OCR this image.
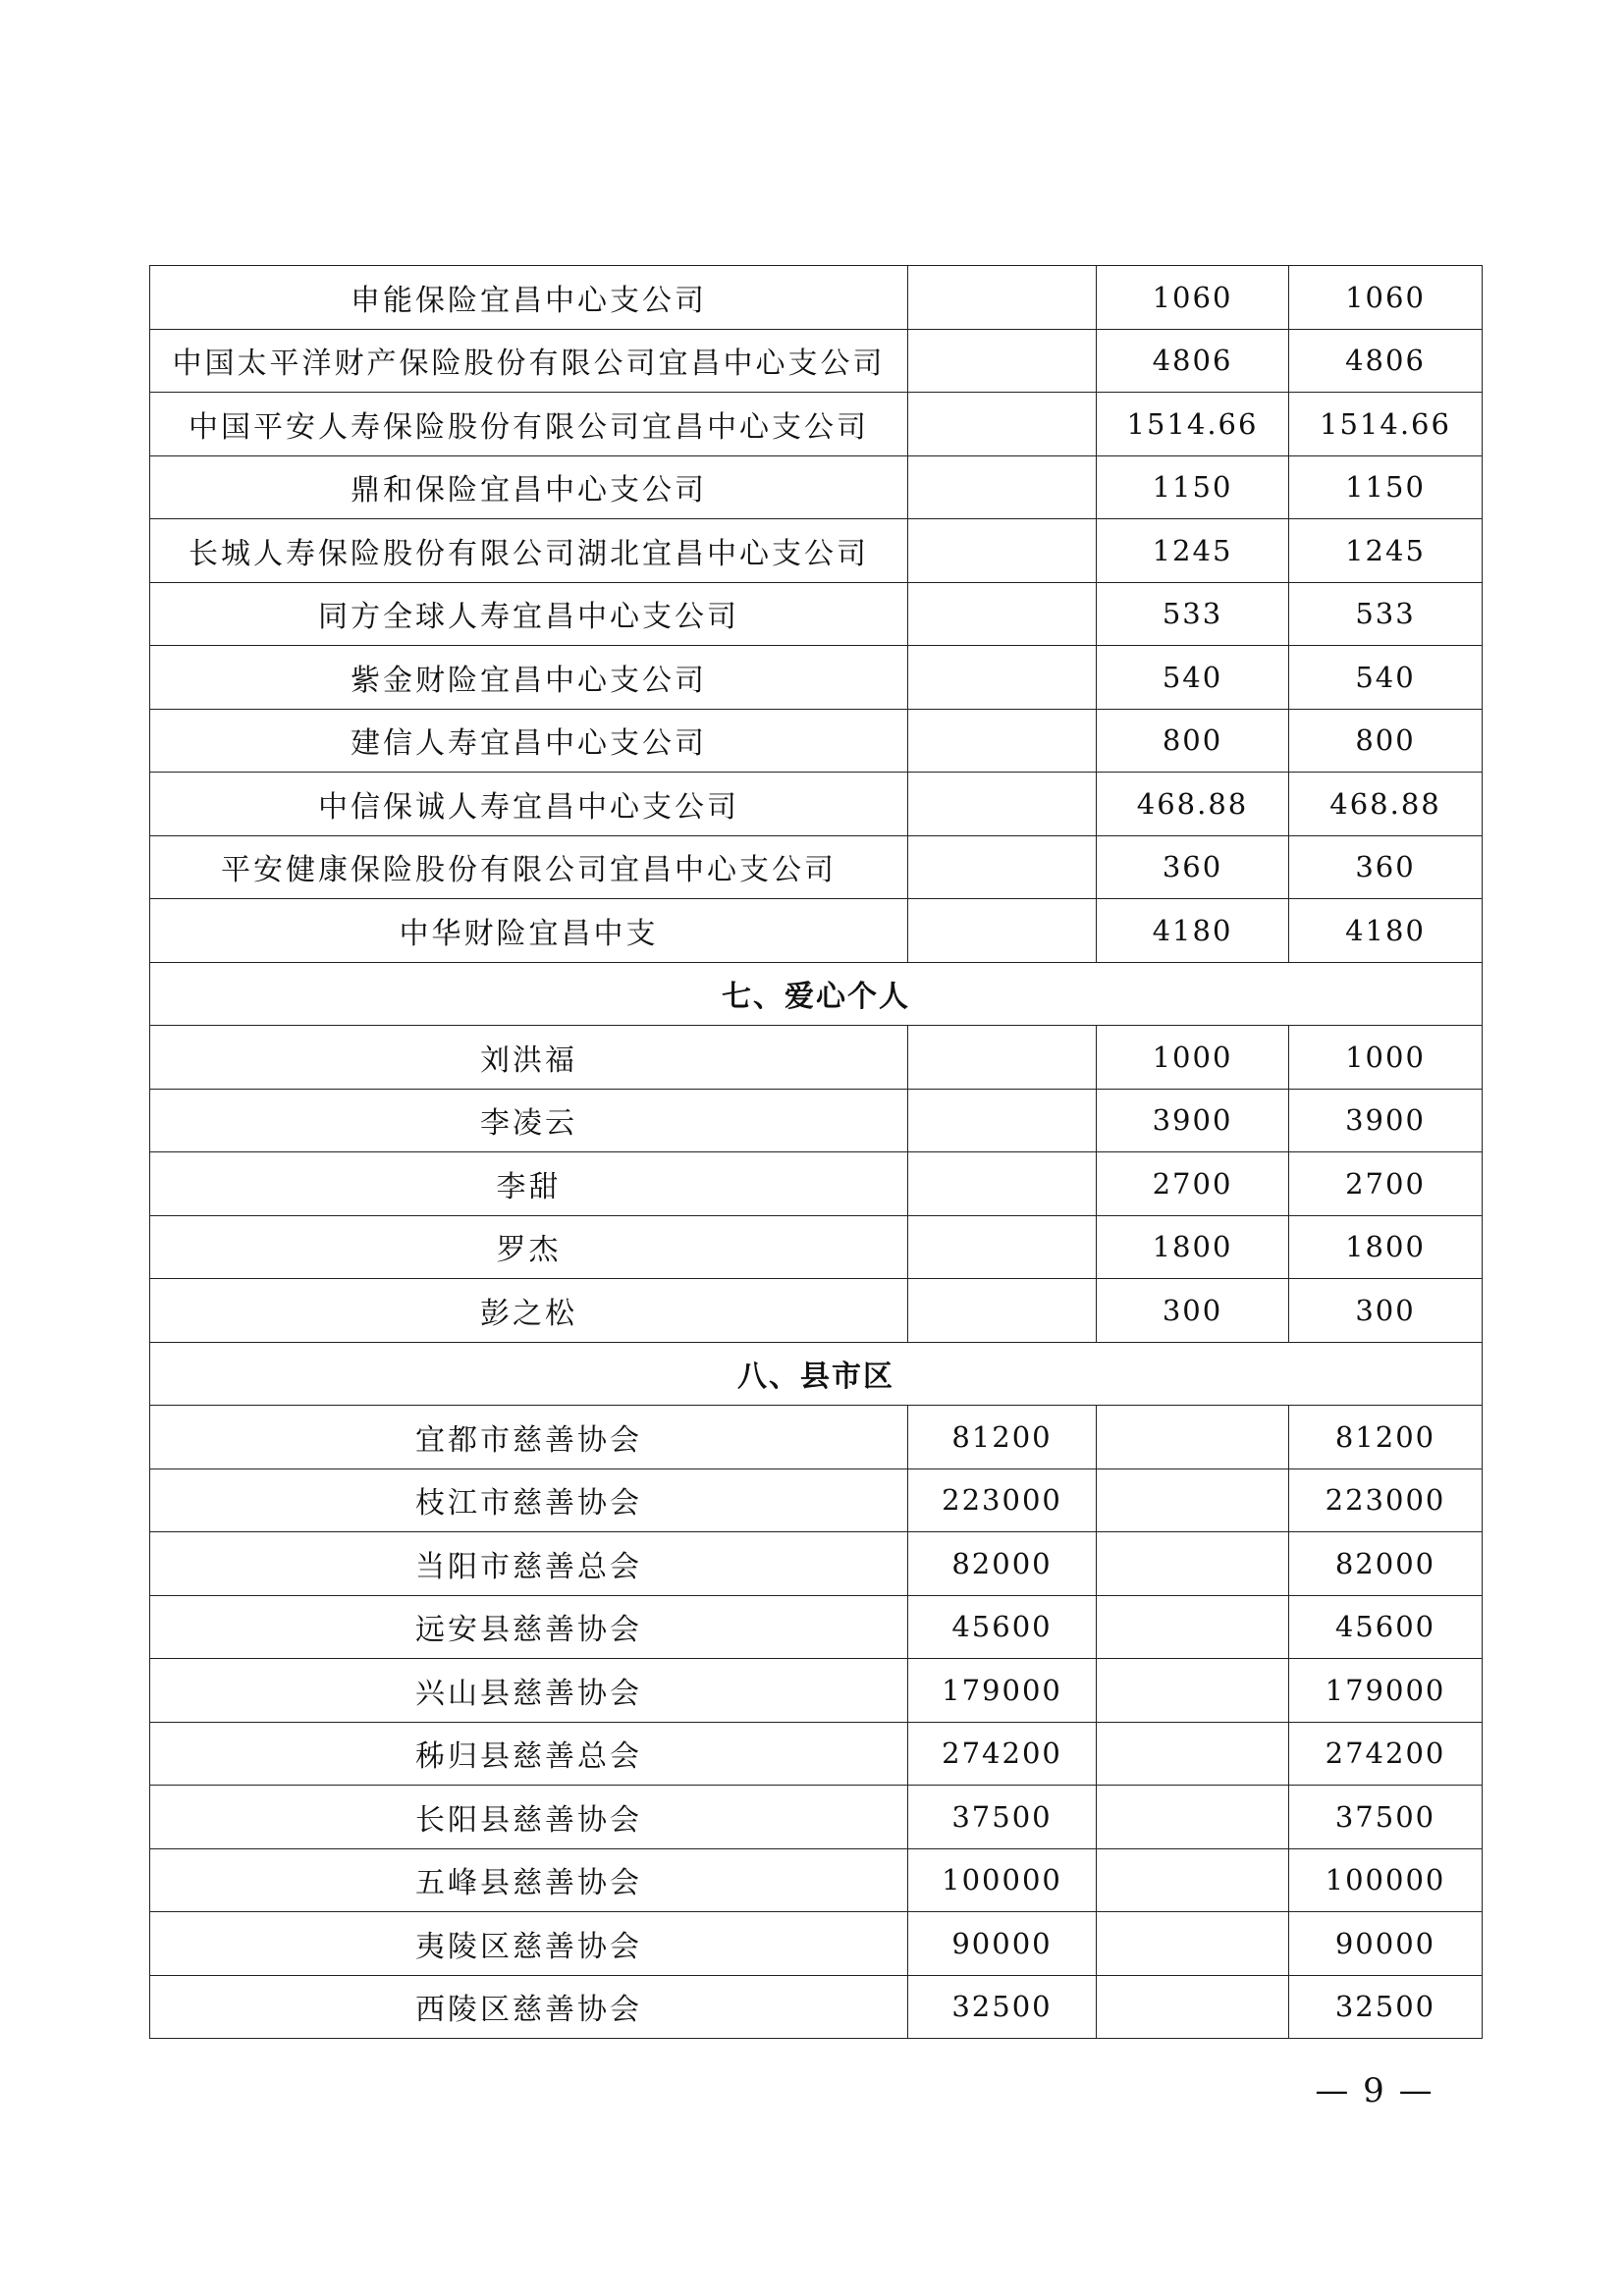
申能保险宜昌中心支公司		1060	1060
中国太平洋财产保险股份有限公司宜昌中心支公司		4806	4806
中国平安人寿保险股份有限公司宜昌中心支公司		1514.66	1514.66
鼎和保险宜昌中心支公司		1150	1150
长城人寿保险股份有限公司湖北宜昌中心支公司		1245	1245
同方全球人寿宜昌中心支公司		533	533
紫金财险宜昌中心支公司		540	540
建信人寿宜昌中心支公司		800	800
中信保诚人寿宜昌中心支公司		468.88	468.88
平安健康保险股份有限公司宜昌中心支公司		360	360
中华财险宜昌中支		4180	4180
七、爱心个人			
刘洪福		1000	1000
李凌云		3900	3900
李甜		2700	2700
罗杰		1800	1800
彭之松		300	300
八、县市区			
宜都市慈善协会	81200		81200
枝江市慈善协会	223000		223000
当阳市慈善总会	82000		82000
远安县慈善协会	45600		45600
兴山县慈善协会	179000		179000
秭归县慈善总会	274200		274200
长阳县慈善协会	37500		37500
五峰县慈善协会	100000		100000
夷陵区慈善协会	90000		90000
西陵区慈善协会	32500		32500
— 9 —
